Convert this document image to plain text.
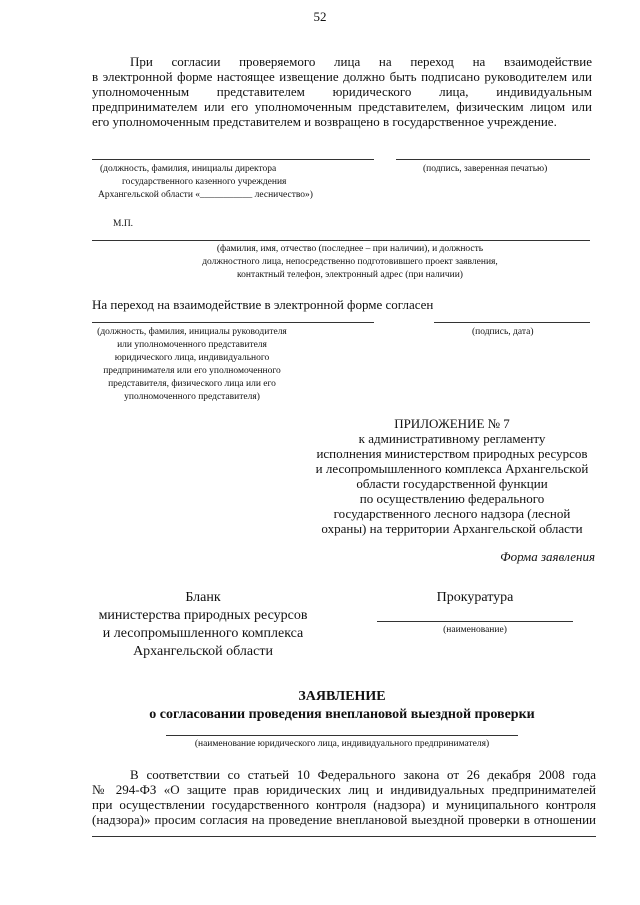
52
При согласии проверяемого лица на переход на взаимодействие
в электронной форме настоящее извещение должно быть подписано руководителем или
уполномоченным представителем юридического лица, индивидуальным
предпринимателем или его уполномоченным представителем, физическим лицом или
его уполномоченным представителем и возвращено в государственное учреждение.
(должность, фамилия, инициалы директора
государственного казенного учреждения
Архангельской области «___________ лесничество»)
(подпись, заверенная печатью)
М.П.
(фамилия, имя, отчество (последнее – при наличии), и должность
должностного лица, непосредственно подготовившего проект заявления,
контактный телефон, электронный адрес (при наличии)
На переход на взаимодействие в электронной форме согласен
(должность, фамилия, инициалы руководителя
или уполномоченного представителя
юридического лица, индивидуального
предпринимателя или его уполномоченного
представителя, физического лица или его
уполномоченного представителя)
(подпись, дата)
ПРИЛОЖЕНИЕ № 7
к административному регламенту
исполнения министерством природных ресурсов
и лесопромышленного комплекса Архангельской
области государственной функции
по осуществлению федерального
государственного лесного надзора (лесной
охраны) на территории Архангельской области
Форма заявления
Бланк
министерства природных ресурсов
и лесопромышленного комплекса
Архангельской области
Прокуратура
(наименование)
ЗАЯВЛЕНИЕ
о согласовании проведения внеплановой выездной проверки
(наименование юридического лица, индивидуального предпринимателя)
В соответствии со статьей 10 Федерального закона от 26 декабря 2008 года
№ 294-ФЗ «О защите прав юридических лиц и индивидуальных предпринимателей
при осуществлении государственного контроля (надзора) и муниципального контроля
(надзора)» просим согласия на проведение внеплановой выездной проверки в отношении
